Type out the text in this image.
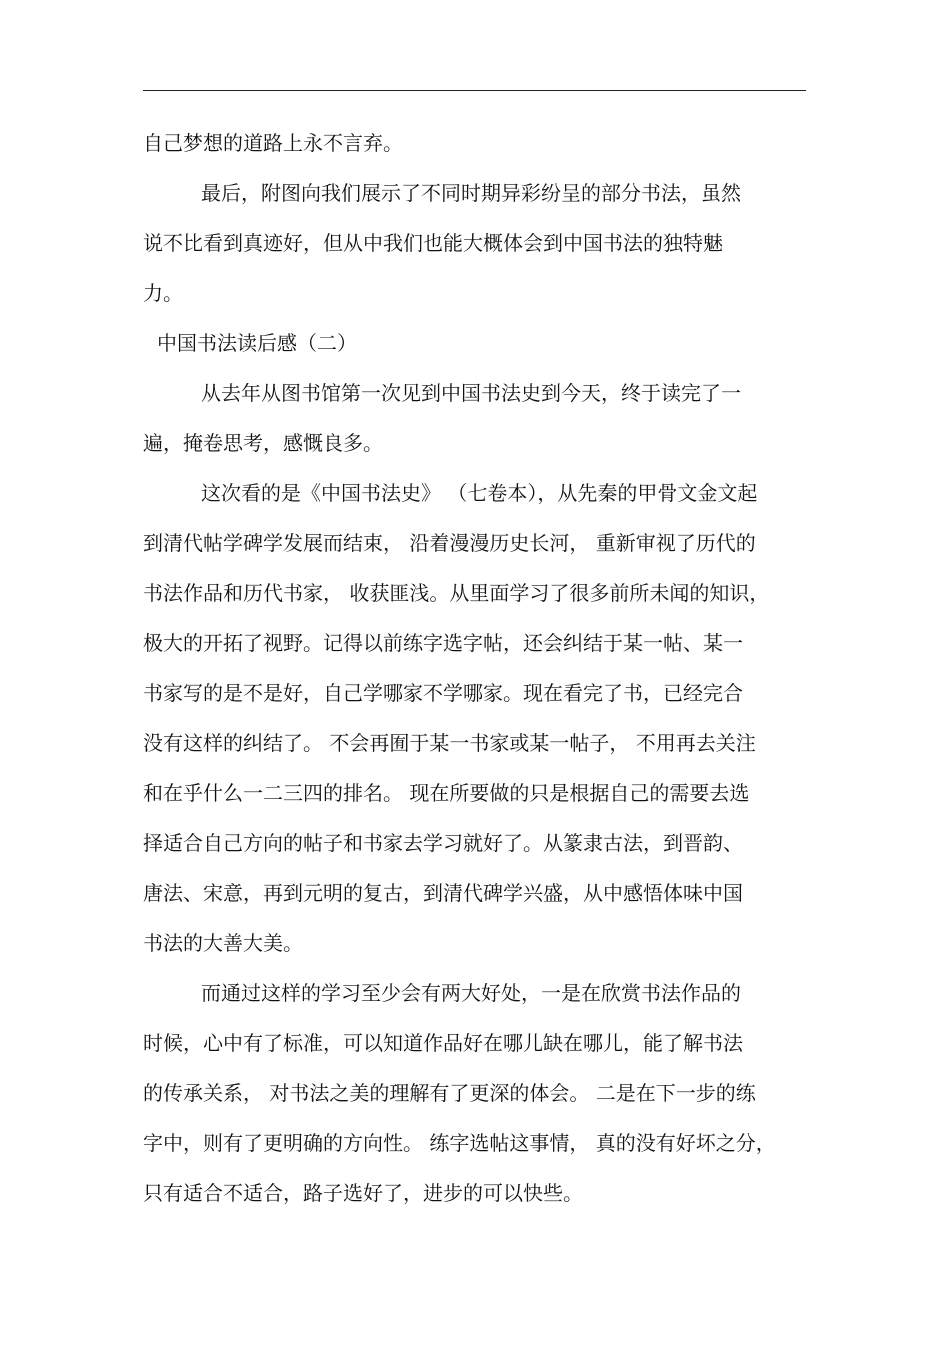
自己梦想的道路上永不言弃。
最后，附图向我们展示了不同时期异彩纷呈的部分书法，虽然
说不比看到真迹好，但从中我们也能大概体会到中国书法的独特魅
力。
中国书法读后感（二）
从去年从图书馆第一次见到中国书法史到今天，终于读完了一
遍，掩卷思考，感慨良多。
这次看的是《中国书法史》 （七卷本），从先秦的甲骨文金文起
到清代帖学碑学发展而结束， 沿着漫漫历史长河， 重新审视了历代的
书法作品和历代书家， 收获匪浅。从里面学习了很多前所未闻的知识，
极大的开拓了视野。记得以前练字选字帖，还会纠结于某一帖、某一
书家写的是不是好，自己学哪家不学哪家。现在看完了书，已经完合
没有这样的纠结了。 不会再囿于某一书家或某一帖子， 不用再去关注
和在乎什么一二三四的排名。 现在所要做的只是根据自己的需要去选
择适合自己方向的帖子和书家去学习就好了。从篆隶古法，到晋韵、
唐法、宋意，再到元明的复古，到清代碑学兴盛，从中感悟体味中国
书法的大善大美。
而通过这样的学习至少会有两大好处，一是在欣赏书法作品的
时候，心中有了标准，可以知道作品好在哪儿缺在哪儿，能了解书法
的传承关系， 对书法之美的理解有了更深的体会。 二是在下一步的练
字中，则有了更明确的方向性。 练字选帖这事情， 真的没有好坏之分，
只有适合不适合，路子选好了，进步的可以快些。
